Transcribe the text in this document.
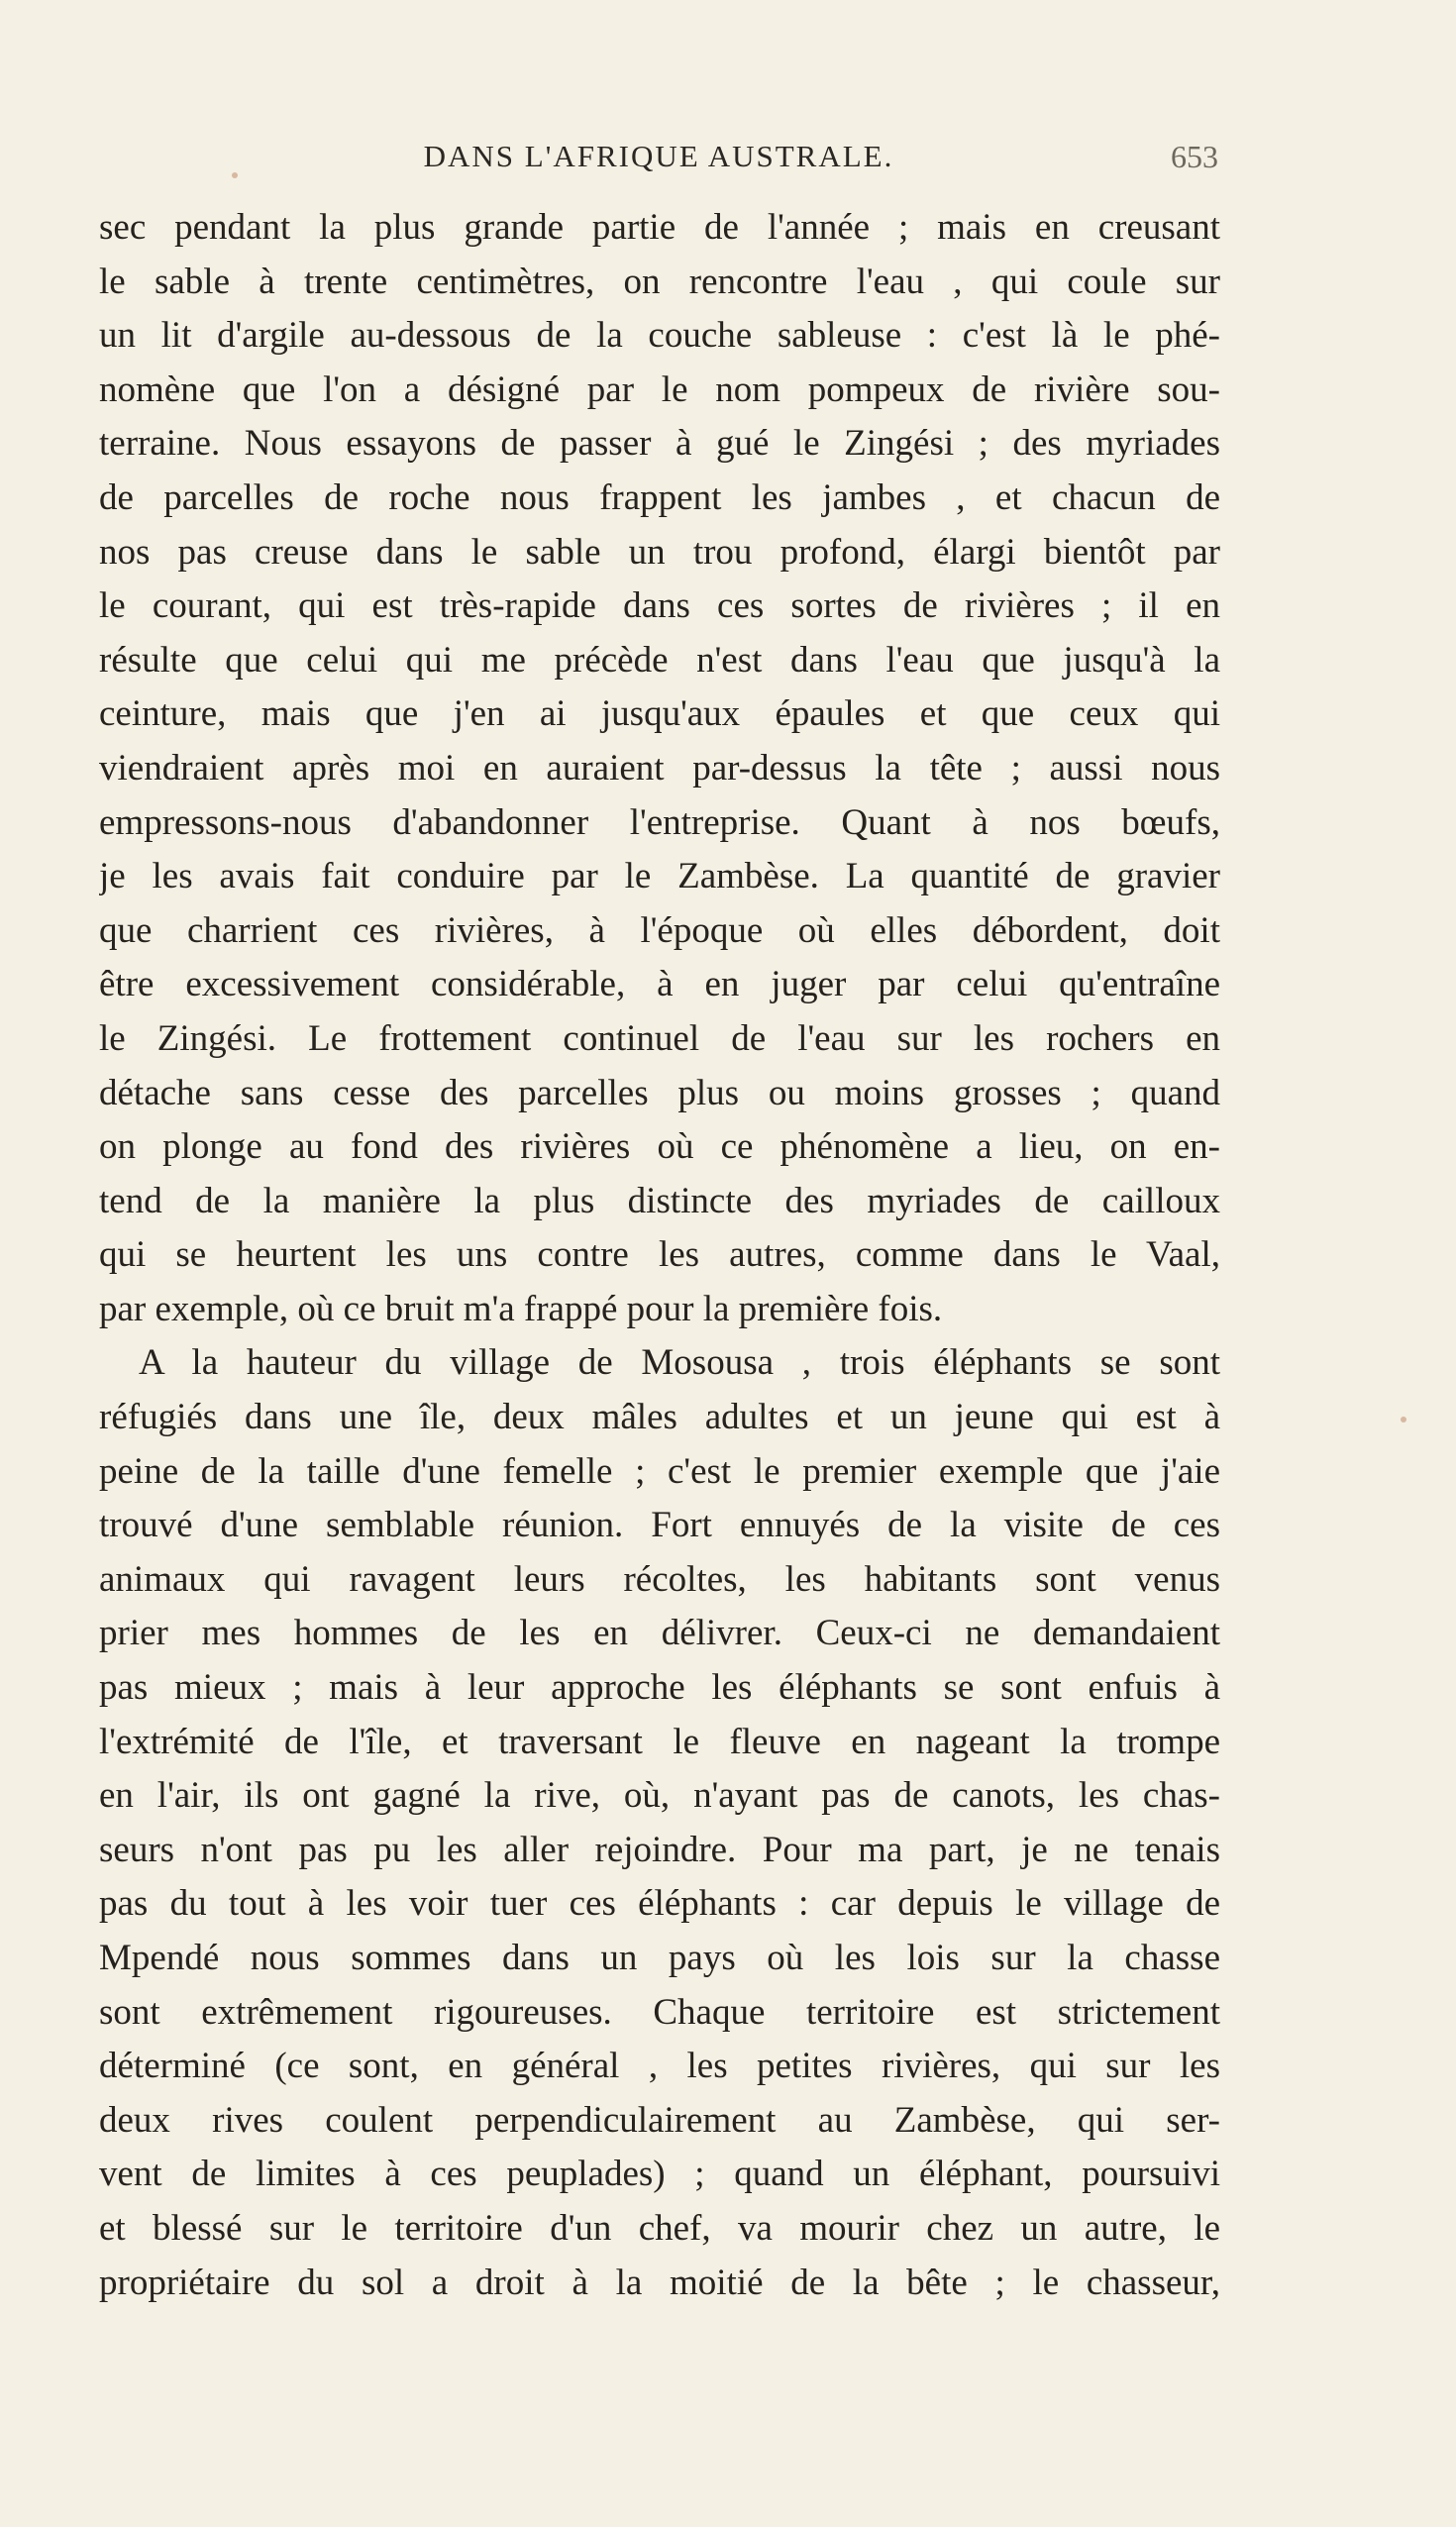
DANS L'AFRIQUE AUSTRALE.	653
sec pendant la plus grande partie de l'année ; mais en creusant
le sable à trente centimètres, on rencontre l'eau , qui coule sur
un lit d'argile au-dessous de la couche sableuse : c'est là le phé-
nomène que l'on a désigné par le nom pompeux de rivière sou-
terraine. Nous essayons de passer à gué le Zingési ; des myriades
de parcelles de roche nous frappent les jambes , et chacun de
nos pas creuse dans le sable un trou profond, élargi bientôt par
le courant, qui est très-rapide dans ces sortes de rivières ; il en
résulte que celui qui me précède n'est dans l'eau que jusqu'à la
ceinture, mais que j'en ai jusqu'aux épaules et que ceux qui
viendraient après moi en auraient par-dessus la tête ; aussi nous
empressons-nous d'abandonner l'entreprise. Quant à nos bœufs,
je les avais fait conduire par le Zambèse. La quantité de gravier
que charrient ces rivières, à l'époque où elles débordent, doit
être excessivement considérable, à en juger par celui qu'entraîne
le Zingési. Le frottement continuel de l'eau sur les rochers en
détache sans cesse des parcelles plus ou moins grosses ; quand
on plonge au fond des rivières où ce phénomène a lieu, on en-
tend de la manière la plus distincte des myriades de cailloux
qui se heurtent les uns contre les autres, comme dans le Vaal,
par exemple, où ce bruit m'a frappé pour la première fois.
A la hauteur du village de Mosousa , trois éléphants se sont
réfugiés dans une île, deux mâles adultes et un jeune qui est à
peine de la taille d'une femelle ; c'est le premier exemple que j'aie
trouvé d'une semblable réunion. Fort ennuyés de la visite de ces
animaux qui ravagent leurs récoltes, les habitants sont venus
prier mes hommes de les en délivrer. Ceux-ci ne demandaient
pas mieux ; mais à leur approche les éléphants se sont enfuis à
l'extrémité de l'île, et traversant le fleuve en nageant la trompe
en l'air, ils ont gagné la rive, où, n'ayant pas de canots, les chas-
seurs n'ont pas pu les aller rejoindre. Pour ma part, je ne tenais
pas du tout à les voir tuer ces éléphants : car depuis le village de
Mpendé nous sommes dans un pays où les lois sur la chasse
sont extrêmement rigoureuses. Chaque territoire est strictement
déterminé (ce sont, en général , les petites rivières, qui sur les
deux rives coulent perpendiculairement au Zambèse, qui ser-
vent de limites à ces peuplades) ; quand un éléphant, poursuivi
et blessé sur le territoire d'un chef, va mourir chez un autre, le
propriétaire du sol a droit à la moitié de la bête ; le chasseur,
